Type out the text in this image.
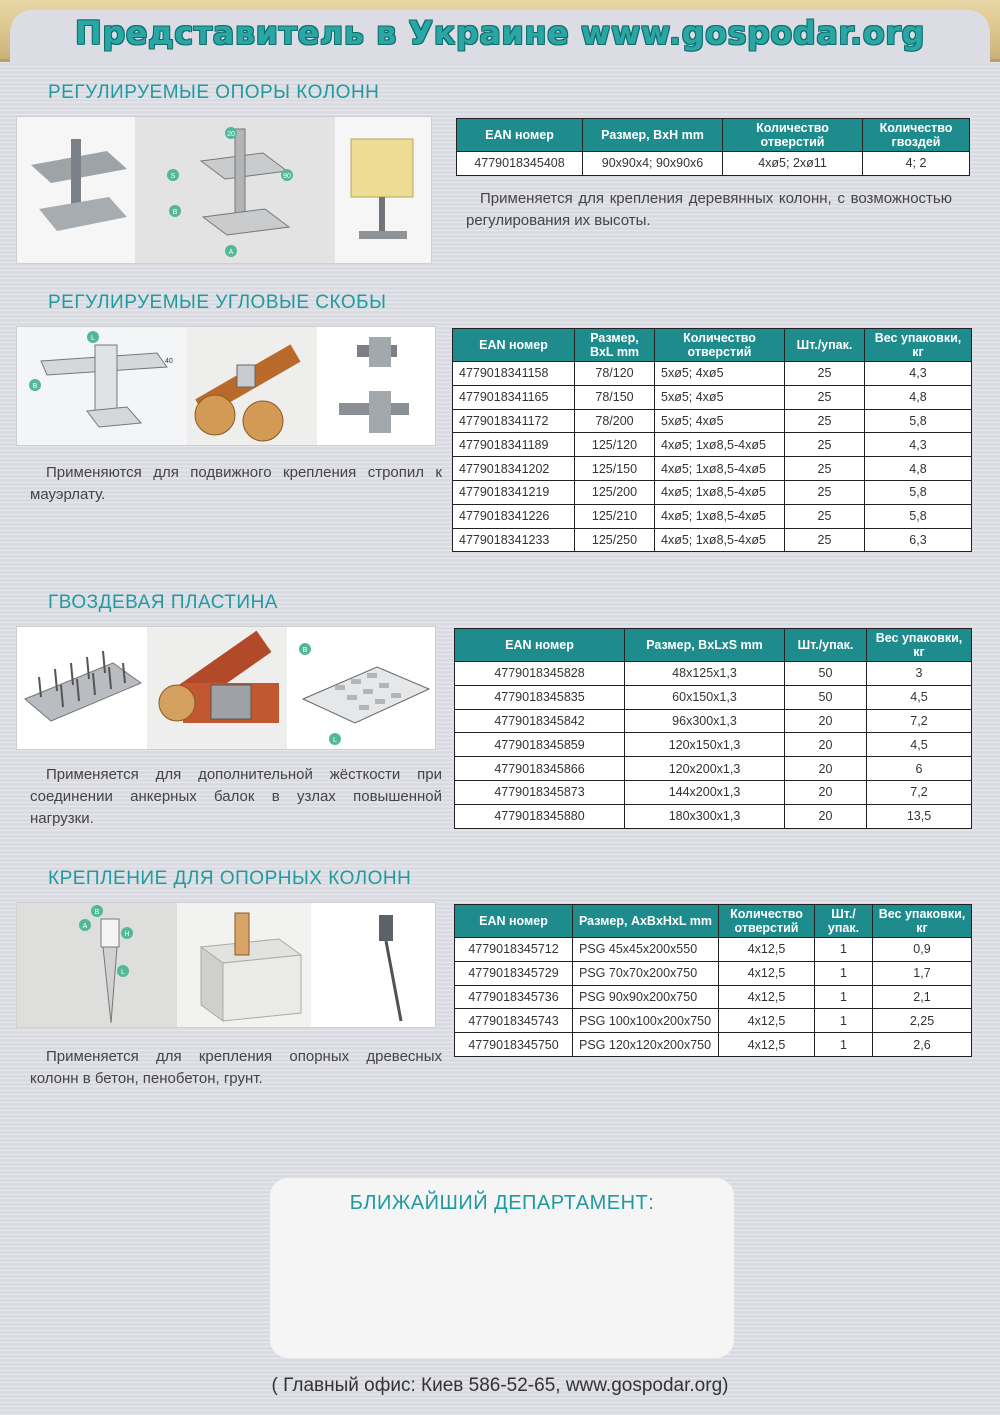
Представитель в Украине www.gospodar.org
РЕГУЛИРУЕМЫЕ ОПОРЫ КОЛОНН
20
90
S
B
A
EAN номер	Размер, BxH mm	Количество отверстий	Количество гвоздей
4779018345408	90x90x4; 90x90x6	4xø5; 2xø11	4; 2
Применяется для крепления деревянных колонн, с возможностью регулирования их высоты.
РЕГУЛИРУЕМЫЕ УГЛОВЫЕ СКОБЫ
L
40
B
EAN номер	Размер, BxL mm	Количество отверстий	Шт./упак.	Вес упаковки, кг
4779018341158	78/120	5xø5; 4xø5	25	4,3
4779018341165	78/150	5xø5; 4xø5	25	4,8
4779018341172	78/200	5xø5; 4xø5	25	5,8
4779018341189	125/120	4xø5; 1xø8,5-4xø5	25	4,3
4779018341202	125/150	4xø5; 1xø8,5-4xø5	25	4,8
4779018341219	125/200	4xø5; 1xø8,5-4xø5	25	5,8
4779018341226	125/210	4xø5; 1xø8,5-4xø5	25	5,8
4779018341233	125/250	4xø5; 1xø8,5-4xø5	25	6,3
Применяются для подвижного крепления стропил к мауэрлату.
ГВОЗДЕВАЯ ПЛАСТИНА
B
L
EAN номер	Размер, BxLxS mm	Шт./упак.	Вес упаковки, кг
4779018345828	48x125x1,3	50	3
4779018345835	60x150x1,3	50	4,5
4779018345842	96x300x1,3	20	7,2
4779018345859	120x150x1,3	20	4,5
4779018345866	120x200x1,3	20	6
4779018345873	144x200x1,3	20	7,2
4779018345880	180x300x1,3	20	13,5
Применяется для дополнительной жёсткости при соединении анкерных балок в узлах повышенной нагрузки.
КРЕПЛЕНИЕ ДЛЯ ОПОРНЫХ КОЛОНН
B
A
H
L
EAN номер	Размер, AxBxHxL mm	Количество отверстий	Шт./ упак.	Вес упаковки, кг
4779018345712	PSG 45x45x200x550	4x12,5	1	0,9
4779018345729	PSG 70x70x200x750	4x12,5	1	1,7
4779018345736	PSG 90x90x200x750	4x12,5	1	2,1
4779018345743	PSG 100x100x200x750	4x12,5	1	2,25
4779018345750	PSG 120x120x200x750	4x12,5	1	2,6
Применяется для крепления опорных древесных колонн в бетон, пенобетон, грунт.
БЛИЖАЙШИЙ ДЕПАРТАМЕНТ:
( Главный офис: Киев 586-52-65, www.gospodar.org)
